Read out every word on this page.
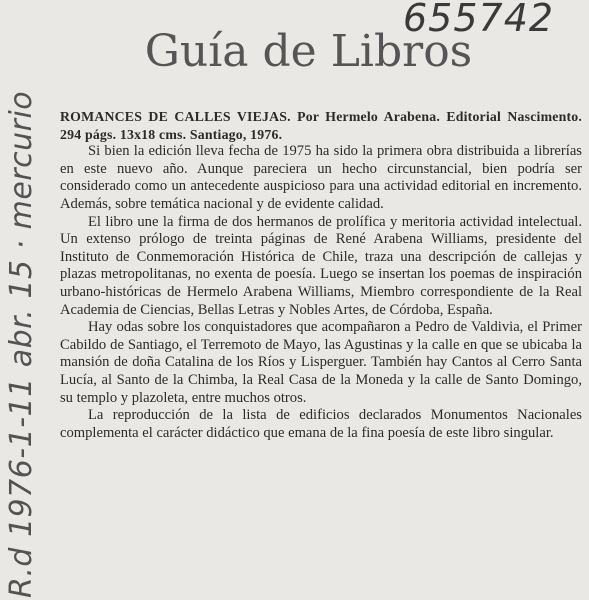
R.d 1976-1-11 abr. 15 · mercurio
655742
Guía de Libros

ROMANCES DE CALLES VIEJAS. Por Hermelo Arabena. Editorial Nascimento. 294 págs. 13x18 cms. Santiago, 1976.

Si bien la edición lleva fecha de 1975 ha sido la primera obra distribuida a librerías en este nuevo año. Aunque pareciera un hecho circunstancial, bien podría ser considerado como un antecedente auspicioso para una actividad editorial en incremento. Además, sobre temática nacional y de evidente calidad.

El libro une la firma de dos hermanos de prolífica y meritoria actividad intelectual. Un extenso prólogo de treinta páginas de René Arabena Williams, presidente del Instituto de Conmemoración Histórica de Chile, traza una descripción de callejas y plazas metropolitanas, no exenta de poesía. Luego se insertan los poemas de inspiración urbano-históricas de Hermelo Arabena Williams, Miembro correspondiente de la Real Academia de Ciencias, Bellas Letras y Nobles Artes, de Córdoba, España.

Hay odas sobre los conquistadores que acompañaron a Pedro de Valdivia, el Primer Cabildo de Santiago, el Terremoto de Mayo, las Agustinas y la calle en que se ubicaba la mansión de doña Catalina de los Ríos y Lisperguer. También hay Cantos al Cerro Santa Lucía, al Santo de la Chimba, la Real Casa de la Moneda y la calle de Santo Domingo, su templo y plazoleta, entre muchos otros.

La reproducción de la lista de edificios declarados Monumentos Nacionales complementa el carácter didáctico que emana de la fina poesía de este libro singular.
